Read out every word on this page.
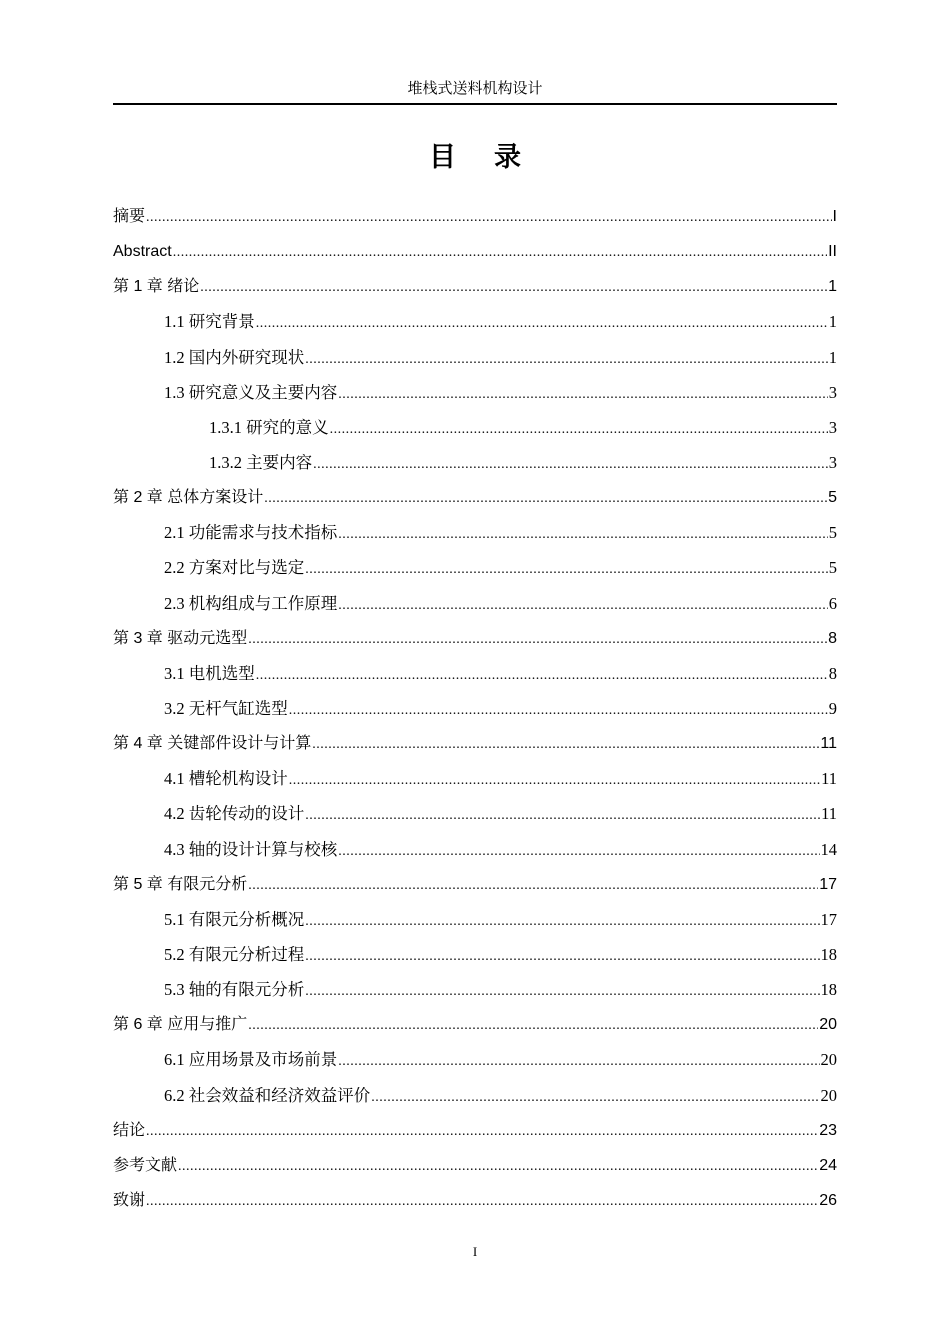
堆栈式送料机构设计
目录
摘要 .....	I
Abstract .....	II
第 1 章 绪论 .....	1
1.1 研究背景 .....	1
1.2 国内外研究现状 .....	1
1.3 研究意义及主要内容 .....	3
1.3.1 研究的意义 .....	3
1.3.2 主要内容 .....	3
第 2 章 总体方案设计 .....	5
2.1 功能需求与技术指标 .....	5
2.2 方案对比与选定 .....	5
2.3 机构组成与工作原理 .....	6
第 3 章 驱动元选型 .....	8
3.1 电机选型 .....	8
3.2 无杆气缸选型 .....	9
第 4 章 关键部件设计与计算 .....	11
4.1 槽轮机构设计 .....	11
4.2 齿轮传动的设计 .....	11
4.3 轴的设计计算与校核 .....	14
第 5 章 有限元分析 .....	17
5.1 有限元分析概况 .....	17
5.2 有限元分析过程 .....	18
5.3 轴的有限元分析 .....	18
第 6 章 应用与推广 .....	20
6.1 应用场景及市场前景 .....	20
6.2 社会效益和经济效益评价 .....	20
结论 .....	23
参考文献 .....	24
致谢 .....	26
I
